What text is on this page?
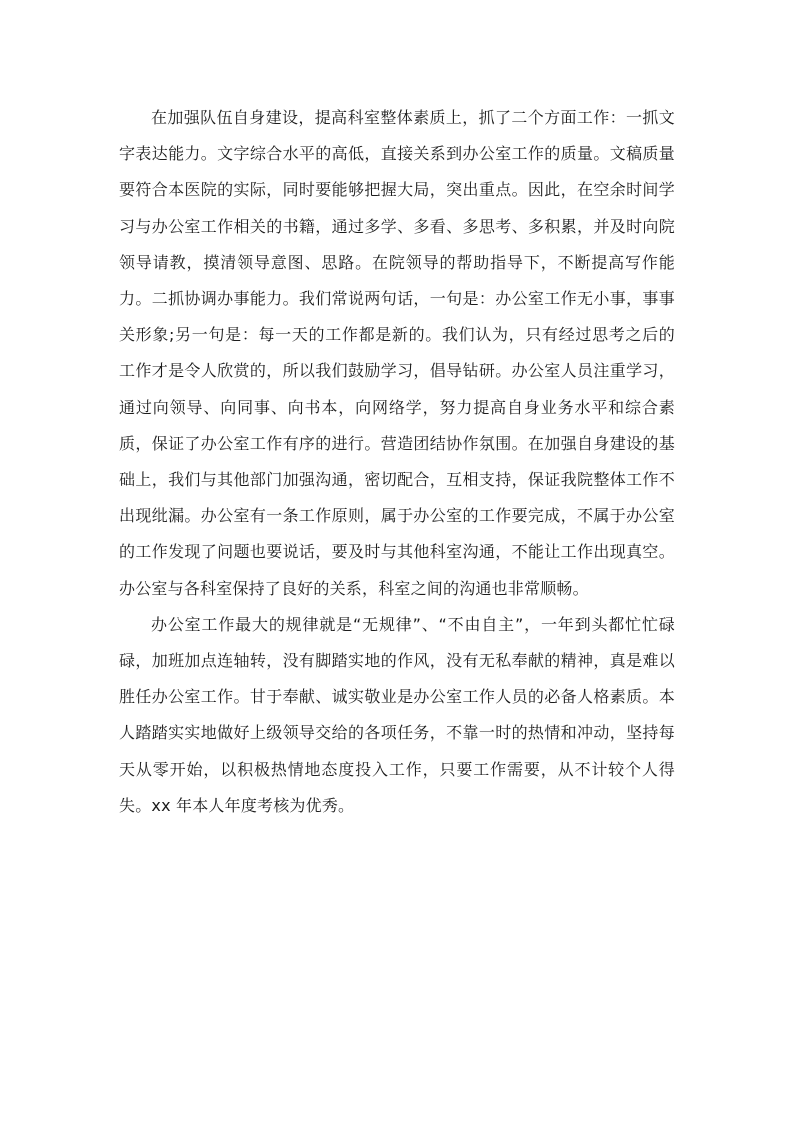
在加强队伍自身建设，提高科室整体素质上，抓了二个方面工作：一抓文字表达能力。文字综合水平的高低，直接关系到办公室工作的质量。文稿质量要符合本医院的实际，同时要能够把握大局，突出重点。因此，在空余时间学习与办公室工作相关的书籍，通过多学、多看、多思考、多积累，并及时向院领导请教，摸清领导意图、思路。在院领导的帮助指导下，不断提高写作能力。二抓协调办事能力。我们常说两句话，一句是：办公室工作无小事，事事关形象;另一句是：每一天的工作都是新的。我们认为，只有经过思考之后的工作才是令人欣赏的，所以我们鼓励学习，倡导钻研。办公室人员注重学习，通过向领导、向同事、向书本，向网络学，努力提高自身业务水平和综合素质，保证了办公室工作有序的进行。营造团结协作氛围。在加强自身建设的基础上，我们与其他部门加强沟通，密切配合，互相支持，保证我院整体工作不出现纰漏。办公室有一条工作原则，属于办公室的工作要完成，不属于办公室的工作发现了问题也要说话，要及时与其他科室沟通，不能让工作出现真空。办公室与各科室保持了良好的关系，科室之间的沟通也非常顺畅。

办公室工作最大的规律就是“无规律”、“不由自主”，一年到头都忙忙碌碌，加班加点连轴转，没有脚踏实地的作风，没有无私奉献的精神，真是难以胜任办公室工作。甘于奉献、诚实敬业是办公室工作人员的必备人格素质。本人踏踏实实地做好上级领导交给的各项任务，不靠一时的热情和冲动，坚持每天从零开始，以积极热情地态度投入工作，只要工作需要，从不计较个人得失。xx 年本人年度考核为优秀。
